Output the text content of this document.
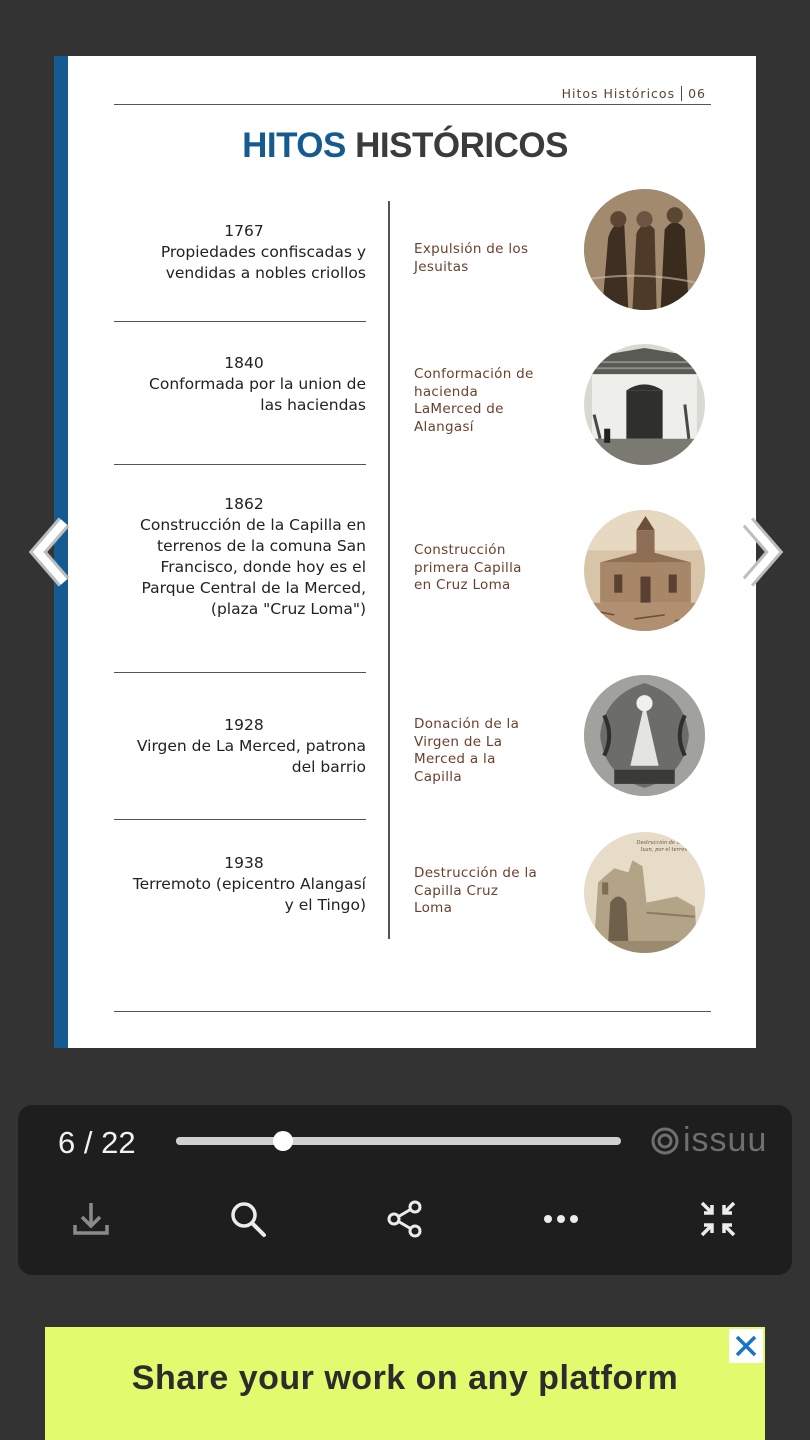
Hitos Históricos 06
HITOS HISTÓRICOS
1767
Propiedades confiscadas y
vendidas a nobles criollos
Expulsión de los
Jesuitas
1840
Conformada por la union de
las haciendas
Conformación de
hacienda
LaMerced de
Alangasí
1862
Construcción de la Capilla en
terrenos de la comuna San
Francisco, donde hoy es el
Parque Central de la Merced,
(plaza "Cruz Loma")
Construcción
primera Capilla
en Cruz Loma
1928
Virgen de La Merced, patrona
del barrio
Donación de la
Virgen de La
Merced a la
Capilla
1938
Terremoto (epicentro Alangasí
y el Tingo)
Destrucción de la
Capilla Cruz
Loma
Destrucción de la
Iuan, por el terremoto
6 / 22	issuu
Share your work on any platform
